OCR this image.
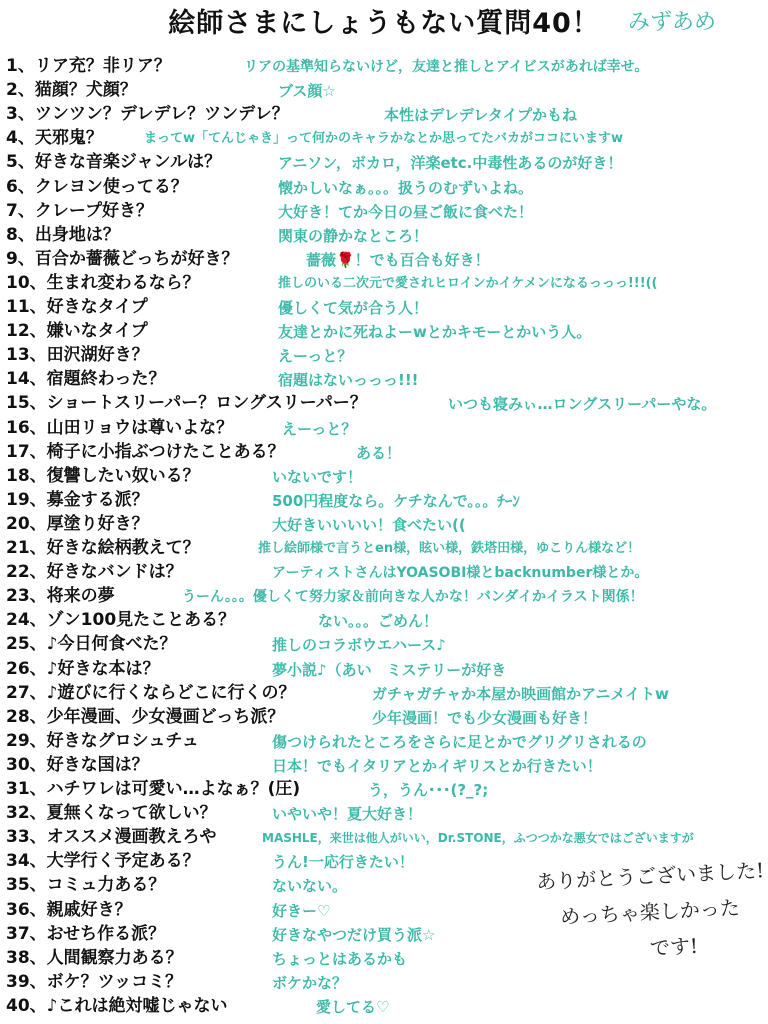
絵師さまにしょうもない質問40！	みずあめ
1、リア充？非リア？	リアの基準知らないけど，友達と推しとアイビスがあれば幸せ。
2、猫顔？犬顔？	ブス顔☆
3、ツンツン？デレデレ？ツンデレ？	本性はデレデレタイプかもね
4、天邪鬼？	まってw「てんじゃき」って何かのキャラかなとか思ってたバカがココにいますw
5、好きな音楽ジャンルは？	アニソン，ボカロ，洋楽etc.中毒性あるのが好き！
6、クレヨン使ってる？	懐かしいなぁ。。。扱うのむずいよね。
7、クレープ好き？	大好き！てか今日の昼ご飯に食べた！
8、出身地は？	関東の静かなところ！
9、百合か薔薇どっちが好き？	薔薇🌹！でも百合も好き！
10、生まれ変わるなら？	推しのいる二次元で愛されヒロインかイケメンになるっっっ!!!((
11、好きなタイプ	優しくて気が合う人！
12、嫌いなタイプ	友達とかに死ねよーwとかキモーとかいう人。
13、田沢湖好き？	えーっと？
14、宿題終わった？	宿題はないっっっ!!!
15、ショートスリーパー？ロングスリーパー？	いつも寝みぃ…ロングスリーパーやな。
16、山田リョウは尊いよな？	えーっと？
17、椅子に小指ぶつけたことある？	ある！
18、復讐したい奴いる？	いないです！
19、募金する派？	500円程度なら。ケチなんで。。。ﾁｰﾝ
20、厚塗り好き？	大好きいいいい！食べたい((
21、好きな絵柄教えて？	推し絵師様で言うとen様，眩い様，鉄塔田様，ゆこりん様など！
22、好きなバンドは？	アーティストさんはYOASOBI様とbacknumber様とか。
23、将来の夢	うーん。。。優しくて努力家＆前向きな人かな！バンダイかイラスト関係！
24、ゾン100見たことある？	ない。。。ごめん！
25、♪今日何食べた？	推しのコラボウエハース♪
26、♪好きな本は？	夢小説♪（あい　ミステリーが好き
27、♪遊びに行くならどこに行くの？	ガチャガチャか本屋か映画館かアニメイトw
28、少年漫画、少女漫画どっち派？	少年漫画！でも少女漫画も好き！
29、好きなグロシュチュ	傷つけられたところをさらに足とかでグリグリされるの
30、好きな国は？	日本！でもイタリアとかイギリスとか行きたい！
31、ハチワレは可愛い…よなぁ？(圧)	う，うん･･･(?_?;
32、夏無くなって欲しい？	いやいや！夏大好き！
33、オススメ漫画教えろや	MASHLE，来世は他人がいい，Dr.STONE，ふつつかな悪女ではございますが
34、大学行く予定ある？	うん!一応行きたい！
35、コミュ力ある？	ないない。
36、親戚好き？	好きー♡
37、おせち作る派？	好きなやつだけ買う派☆
38、人間観察力ある？	ちょっとはあるかも
39、ボケ？ツッコミ？	ボケかな？
40、♪これは絶対嘘じゃない	愛してる♡
ありがとうございました!
めっちゃ楽しかった
です!
